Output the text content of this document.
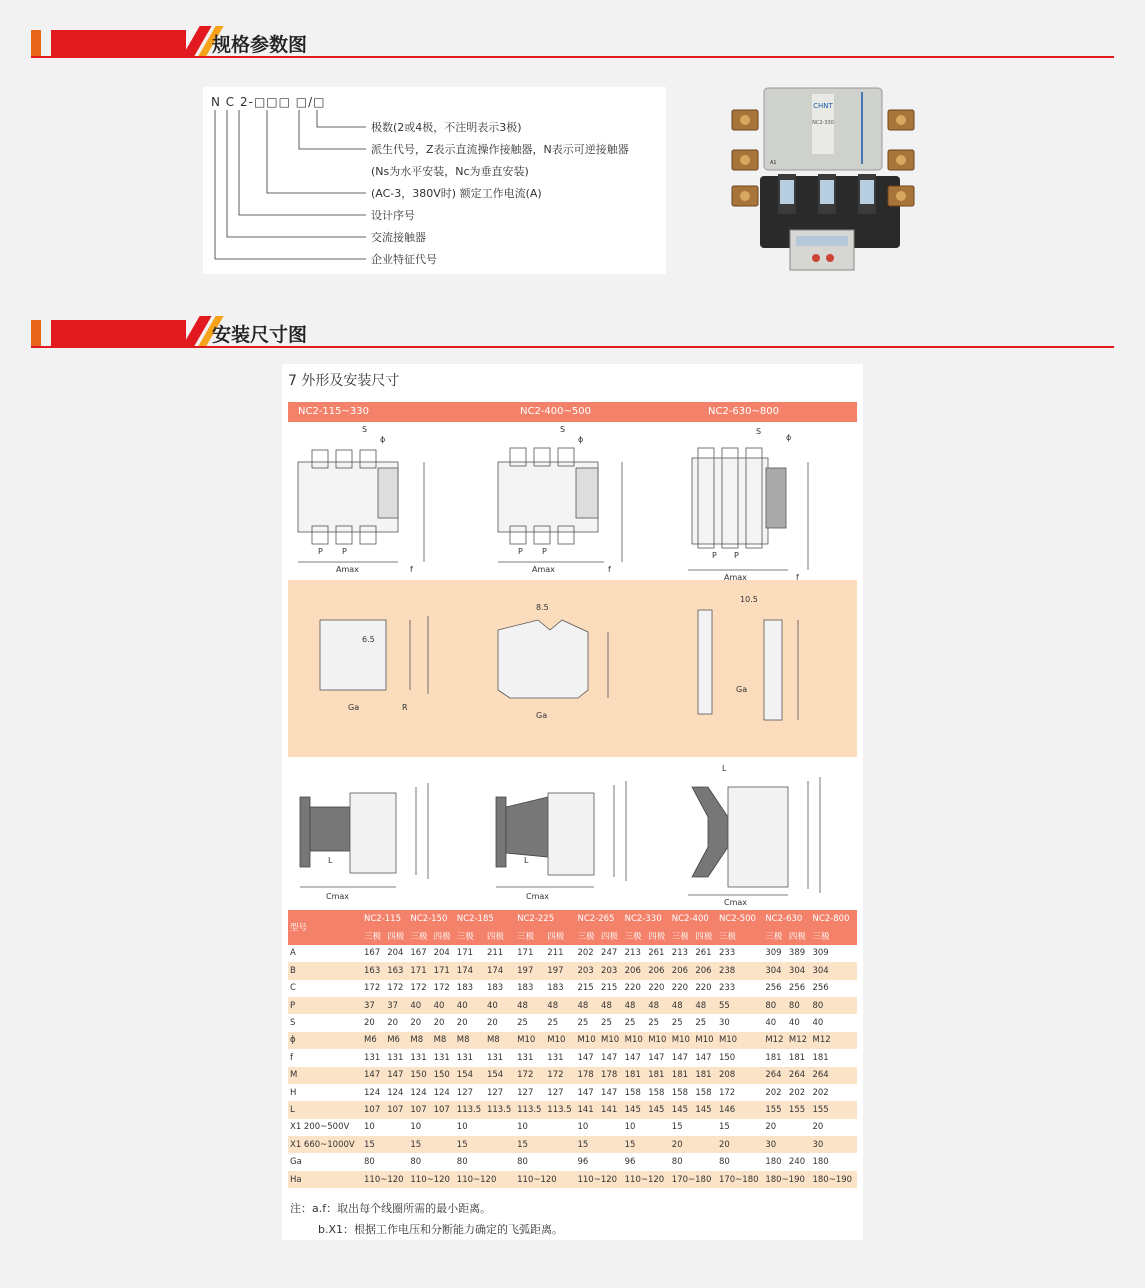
规格参数图
N C 2-□□□ □/□
极数(2或4极，不注明表示3极)
派生代号，Z表示直流操作接触器，N表示可逆接触器
(Ns为水平安装，Nc为垂直安装)
(AC-3，380V时) 额定工作电流(A)
设计序号
交流接触器
企业特征代号
CHNT
NC2-330
A1
安装尺寸图
7 外形及安装尺寸
NC2-115~330	NC2-400~500	NC2-630~800
S
ϕ
P P
Amax	f
S
ϕ
P P
Amax	f
S
ϕ
P P
Amax	f
6.5
Ga	R
8.5
Ga
10.5
Ga
L
Cmax
L
Cmax
L
Cmax
型号	NC2-115		NC2-150		NC2-185		NC2-225		NC2-265		NC2-330		NC2-400		NC2-500	NC2-630		NC2-800
	三极	四极	三极	四极	三极	四极	三极	四极	三极	四极	三极	四极	三极	四极	三极	三极	四极	三极
A	167	204	167	204	171	211	171	211	202	247	213	261	213	261	233	309	389	309
B	163	163	171	171	174	174	197	197	203	203	206	206	206	206	238	304	304	304
C	172	172	172	172	183	183	183	183	215	215	220	220	220	220	233	256	256	256
P	37	37	40	40	40	40	48	48	48	48	48	48	48	48	55	80	80	80
S	20	20	20	20	20	20	25	25	25	25	25	25	25	25	30	40	40	40
ϕ	M6	M6	M8	M8	M8	M8	M10	M10	M10	M10	M10	M10	M10	M10	M10	M12	M12	M12
f	131	131	131	131	131	131	131	131	147	147	147	147	147	147	150	181	181	181
M	147	147	150	150	154	154	172	172	178	178	181	181	181	181	208	264	264	264
H	124	124	124	124	127	127	127	127	147	147	158	158	158	158	172	202	202	202
L	107	107	107	107	113.5	113.5	113.5	113.5	141	141	145	145	145	145	146	155	155	155
X1 200~500V	10		10		10		10		10		10		15		15	20		20
X1 660~1000V	15		15		15		15		15		15		20		20	30		30
Ga	80		80		80		80		96		96		80		80	180	240	180
Ha	110~120		110~120		110~120		110~120		110~120		110~120		170~180		170~180	180~190		180~190
注：a.f：取出每个线圈所需的最小距离。
b.X1：根据工作电压和分断能力确定的飞弧距离。
